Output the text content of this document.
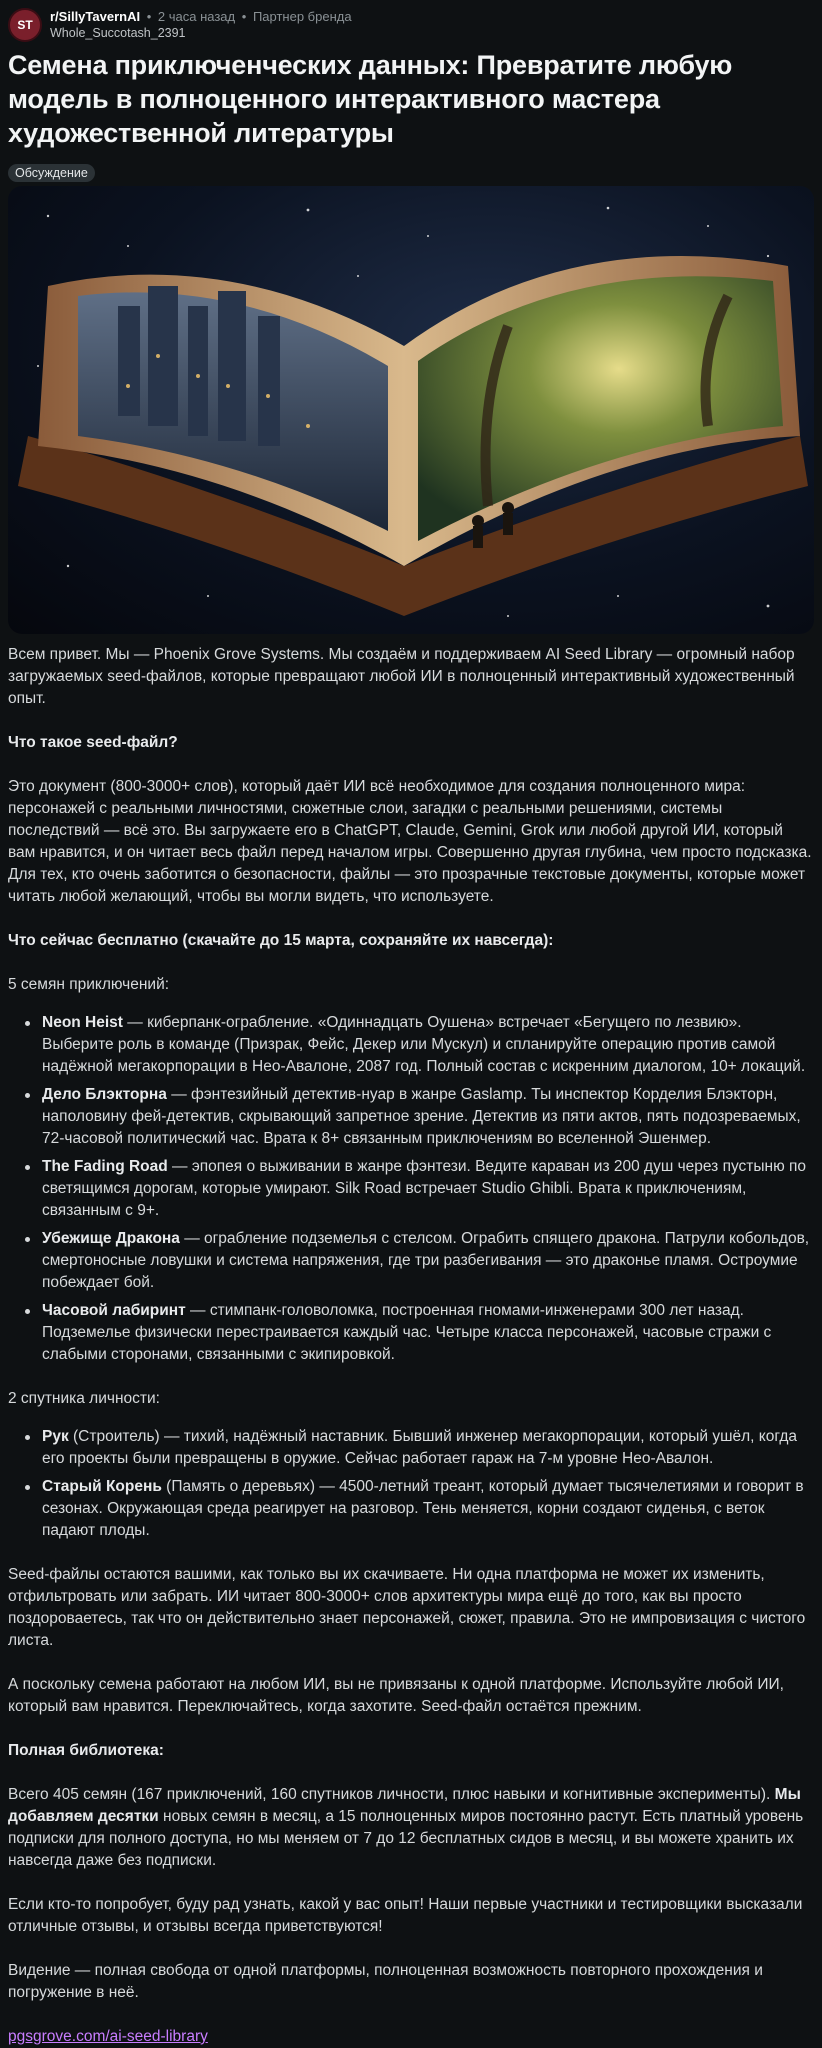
ST
r/SillyTavernAI • 2 часа назад • Партнер бренда
Whole_Succotash_2391
Семена приключенческих данных: Превратите любую модель в полноценного интерактивного мастера художественной литературы
Обсуждение

Всем привет. Мы — Phoenix Grove Systems. Мы создаём и поддерживаем AI Seed Library — огромный набор загружаемых seed-файлов, которые превращают любой ИИ в полноценный интерактивный художественный опыт.

Что такое seed-файл?

Это документ (800-3000+ слов), который даёт ИИ всё необходимое для создания полноценного мира: персонажей с реальными личностями, сюжетные слои, загадки с реальными решениями, системы последствий — всё это. Вы загружаете его в ChatGPT, Claude, Gemini, Grok или любой другой ИИ, который вам нравится, и он читает весь файл перед началом игры. Совершенно другая глубина, чем просто подсказка. Для тех, кто очень заботится о безопасности, файлы — это прозрачные текстовые документы, которые может читать любой желающий, чтобы вы могли видеть, что используете.

Что сейчас бесплатно (скачайте до 15 марта, сохраняйте их навсегда):

5 семян приключений:

Neon Heist — киберпанк-ограбление. «Одиннадцать Оушена» встречает «Бегущего по лезвию». Выберите роль в команде (Призрак, Фейс, Декер или Мускул) и спланируйте операцию против самой надёжной мегакорпорации в Нео-Авалоне, 2087 год. Полный состав с искренним диалогом, 10+ локаций.
Дело Блэкторна — фэнтезийный детектив-нуар в жанре Gaslamp. Ты инспектор Корделия Блэкторн, наполовину фей-детектив, скрывающий запретное зрение. Детектив из пяти актов, пять подозреваемых, 72-часовой политический час. Врата к 8+ связанным приключениям во вселенной Эшенмер.
The Fading Road — эпопея о выживании в жанре фэнтези. Ведите караван из 200 душ через пустыню по светящимся дорогам, которые умирают. Silk Road встречает Studio Ghibli. Врата к приключениям, связанным с 9+.
Убежище Дракона — ограбление подземелья с стелсом. Ограбить спящего дракона. Патрули кобольдов, смертоносные ловушки и система напряжения, где три разбегивания — это драконье пламя. Остроумие побеждает бой.
Часовой лабиринт — стимпанк-головоломка, построенная гномами-инженерами 300 лет назад. Подземелье физически перестраивается каждый час. Четыре класса персонажей, часовые стражи с слабыми сторонами, связанными с экипировкой.

2 спутника личности:

Рук (Строитель) — тихий, надёжный наставник. Бывший инженер мегакорпорации, который ушёл, когда его проекты были превращены в оружие. Сейчас работает гараж на 7-м уровне Нео-Авалон.
Старый Корень (Память о деревьях) — 4500-летний треант, который думает тысячелетиями и говорит в сезонах. Окружающая среда реагирует на разговор. Тень меняется, корни создают сиденья, с веток падают плоды.

Seed-файлы остаются вашими, как только вы их скачиваете. Ни одна платформа не может их изменить, отфильтровать или забрать. ИИ читает 800-3000+ слов архитектуры мира ещё до того, как вы просто поздороваетесь, так что он действительно знает персонажей, сюжет, правила. Это не импровизация с чистого листа.

А поскольку семена работают на любом ИИ, вы не привязаны к одной платформе. Используйте любой ИИ, который вам нравится. Переключайтесь, когда захотите. Seed-файл остаётся прежним.

Полная библиотека:

Всего 405 семян (167 приключений, 160 спутников личности, плюс навыки и когнитивные эксперименты). Мы добавляем десятки новых семян в месяц, а 15 полноценных миров постоянно растут. Есть платный уровень подписки для полного доступа, но мы меняем от 7 до 12 бесплатных сидов в месяц, и вы можете хранить их навсегда даже без подписки.

Если кто-то попробует, буду рад узнать, какой у вас опыт! Наши первые участники и тестировщики высказали отличные отзывы, и отзывы всегда приветствуются!

Видение — полная свобода от одной платформы, полноценная возможность повторного прохождения и погружение в неё.

pgsgrove.com/ai-seed-library
